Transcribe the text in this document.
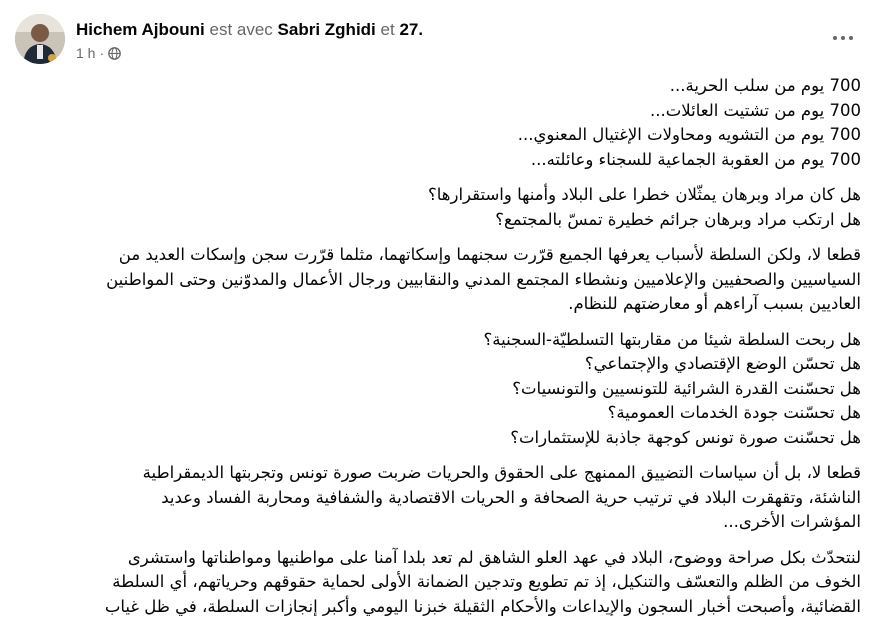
Hichem Ajbouni est avec Sabri Zghidi et 27.
1 h ·

700 يوم من سلب الحرية...
700 يوم من تشتيت العائلات...
700 يوم من التشويه ومحاولات الإغتيال المعنوي...
700 يوم من العقوبة الجماعية للسجناء وعائلته...

هل كان مراد وبرهان يمثّلان خطرا على البلاد وأمنها واستقرارها؟
هل ارتكب مراد وبرهان جرائم خطيرة تمسّ بالمجتمع؟

قطعا لا، ولكن السلطة لأسباب يعرفها الجميع قرّرت سجنهما وإسكاتهما، مثلما قرّرت سجن وإسكات العديد من
السياسيين والصحفيين والإعلاميين ونشطاء المجتمع المدني والنقابيين ورجال الأعمال والمدوّنين وحتى المواطنين
العاديين بسبب آراءهم أو معارضتهم للنظام.

هل ربحت السلطة شيئا من مقاربتها التسلطيّة-السجنية؟
هل تحسّن الوضع الإقتصادي والإجتماعي؟
هل تحسّنت القدرة الشرائية للتونسيين والتونسيات؟
هل تحسّنت جودة الخدمات العمومية؟
هل تحسّنت صورة تونس كوجهة جاذبة للإستثمارات؟

قطعا لا، بل أن سياسات التضييق الممنهج على الحقوق والحريات ضربت صورة تونس وتجربتها الديمقراطية
الناشئة، وتقهقرت البلاد في ترتيب حرية الصحافة و الحريات الاقتصادية والشفافية ومحاربة الفساد وعديد
المؤشرات الأخرى...

لنتحدّث بكل صراحة ووضوح، البلاد في عهد العلو الشاهق لم تعد بلدا آمنا على مواطنيها ومواطناتها واستشرى
الخوف من الظلم والتعسّف والتنكيل، إذ تم تطويع وتدجين الضمانة الأولى لحماية حقوقهم وحرياتهم، أي السلطة
القضائية، وأصبحت أخبار السجون والإيداعات والأحكام الثقيلة خبزنا اليومي وأكبر إنجازات السلطة، في ظل غياب
